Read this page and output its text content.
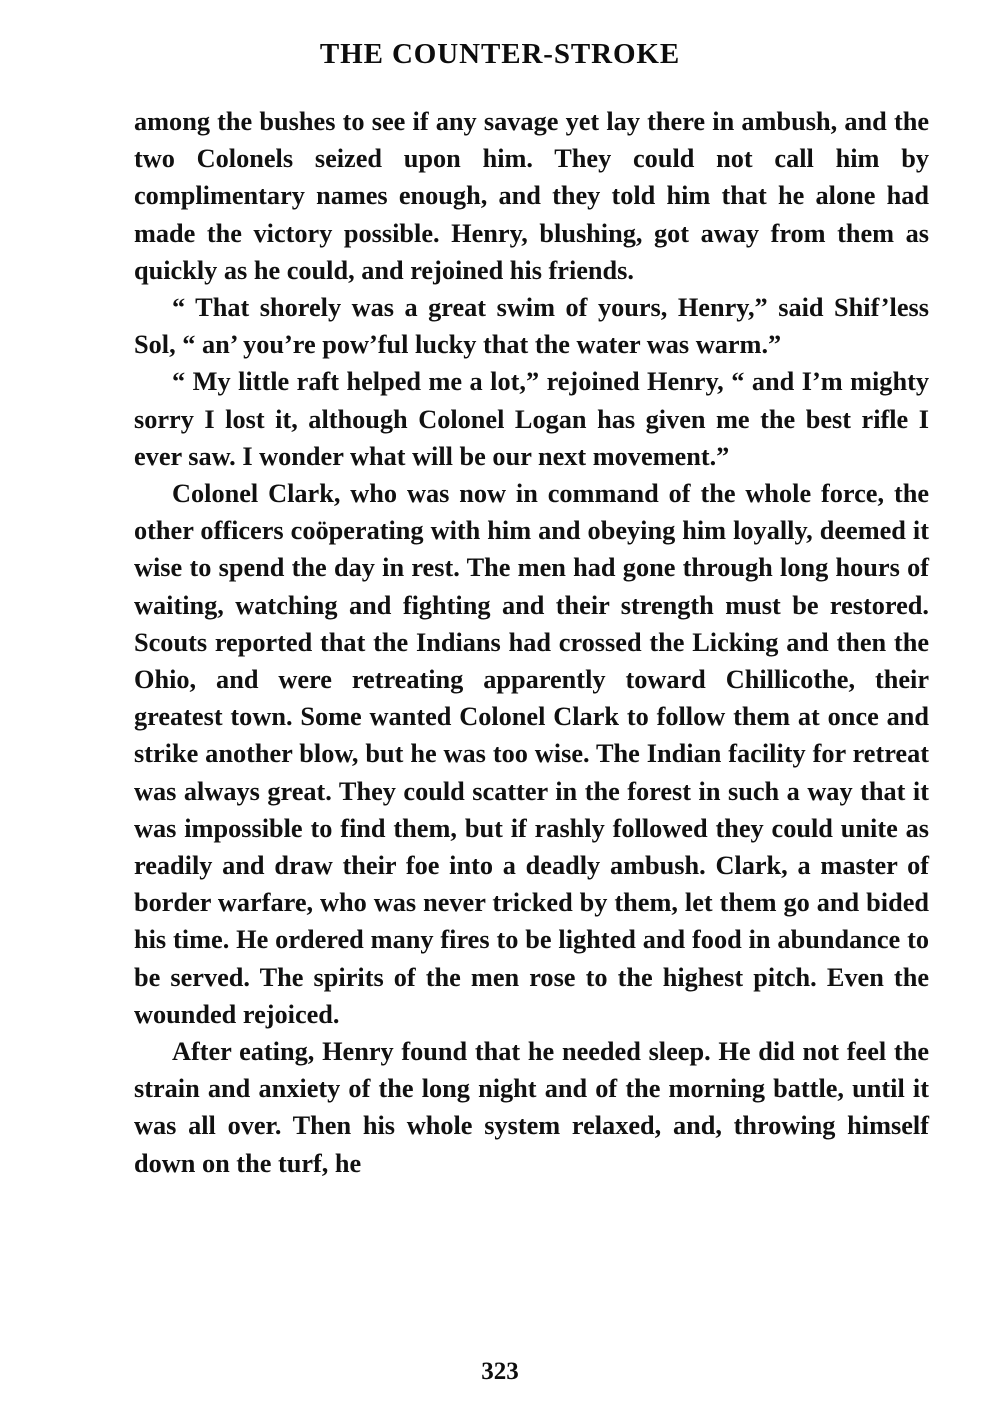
THE COUNTER-STROKE

among the bushes to see if any savage yet lay there in ambush, and the two Colonels seized upon him. They could not call him by complimentary names enough, and they told him that he alone had made the victory possible. Henry, blushing, got away from them as quickly as he could, and rejoined his friends.

“ That shorely was a great swim of yours, Henry,” said Shif’less Sol, “ an’ you’re pow’ful lucky that the water was warm.”

“ My little raft helped me a lot,” rejoined Henry, “ and I’m mighty sorry I lost it, although Colonel Logan has given me the best rifle I ever saw. I wonder what will be our next movement.”

Colonel Clark, who was now in command of the whole force, the other officers coöperating with him and obeying him loyally, deemed it wise to spend the day in rest. The men had gone through long hours of waiting, watching and fighting and their strength must be restored. Scouts reported that the Indians had crossed the Licking and then the Ohio, and were retreating apparently toward Chillicothe, their greatest town. Some wanted Colonel Clark to follow them at once and strike another blow, but he was too wise. The Indian facility for retreat was always great. They could scatter in the forest in such a way that it was impossible to find them, but if rashly followed they could unite as readily and draw their foe into a deadly ambush. Clark, a master of border warfare, who was never tricked by them, let them go and bided his time. He ordered many fires to be lighted and food in abundance to be served. The spirits of the men rose to the highest pitch. Even the wounded rejoiced.

After eating, Henry found that he needed sleep. He did not feel the strain and anxiety of the long night and of the morning battle, until it was all over. Then his whole system relaxed, and, throwing himself down on the turf, he

323
